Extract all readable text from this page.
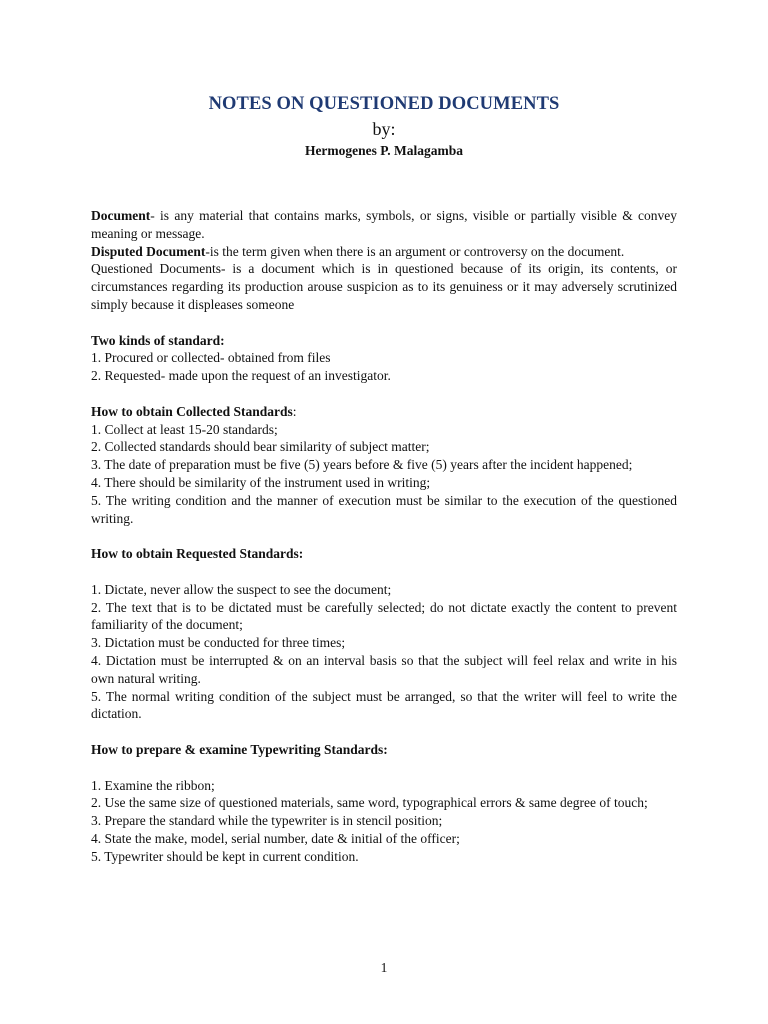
NOTES ON QUESTIONED DOCUMENTS
by:
Hermogenes P. Malagamba

Document- is any material that contains marks, symbols, or signs, visible or partially visible & convey meaning or message.

Disputed Document-is the term given when there is an argument or controversy on the document.

Questioned Documents- is a document which is in questioned because of its origin, its contents, or circumstances regarding its production arouse suspicion as to its genuiness or it may adversely scrutinized simply because it displeases someone

Two kinds of standard:

1. Procured or collected- obtained from files

2. Requested- made upon the request of an investigator.

How to obtain Collected Standards:

1. Collect at least 15-20 standards;

2. Collected standards should bear similarity of subject matter;

3. The date of preparation must be five (5) years before & five (5) years after the incident happened;

4. There should be similarity of the instrument used in writing;

5. The writing condition and the manner of execution must be similar to the execution of the questioned writing.

How to obtain Requested Standards:

1. Dictate, never allow the suspect to see the document;

2. The text that is to be dictated must be carefully selected; do not dictate exactly the content to prevent familiarity of the document;

3. Dictation must be conducted for three times;

4. Dictation must be interrupted & on an interval basis so that the subject will feel relax and write in his own natural writing.

5. The normal writing condition of the subject must be arranged, so that the writer will feel to write the dictation.

How to prepare & examine Typewriting Standards:

1. Examine the ribbon;

2. Use the same size of questioned materials, same word, typographical errors & same degree of touch;

3. Prepare the standard while the typewriter is in stencil position;

4. State the make, model, serial number, date & initial of the officer;

5. Typewriter should be kept in current condition.

1
